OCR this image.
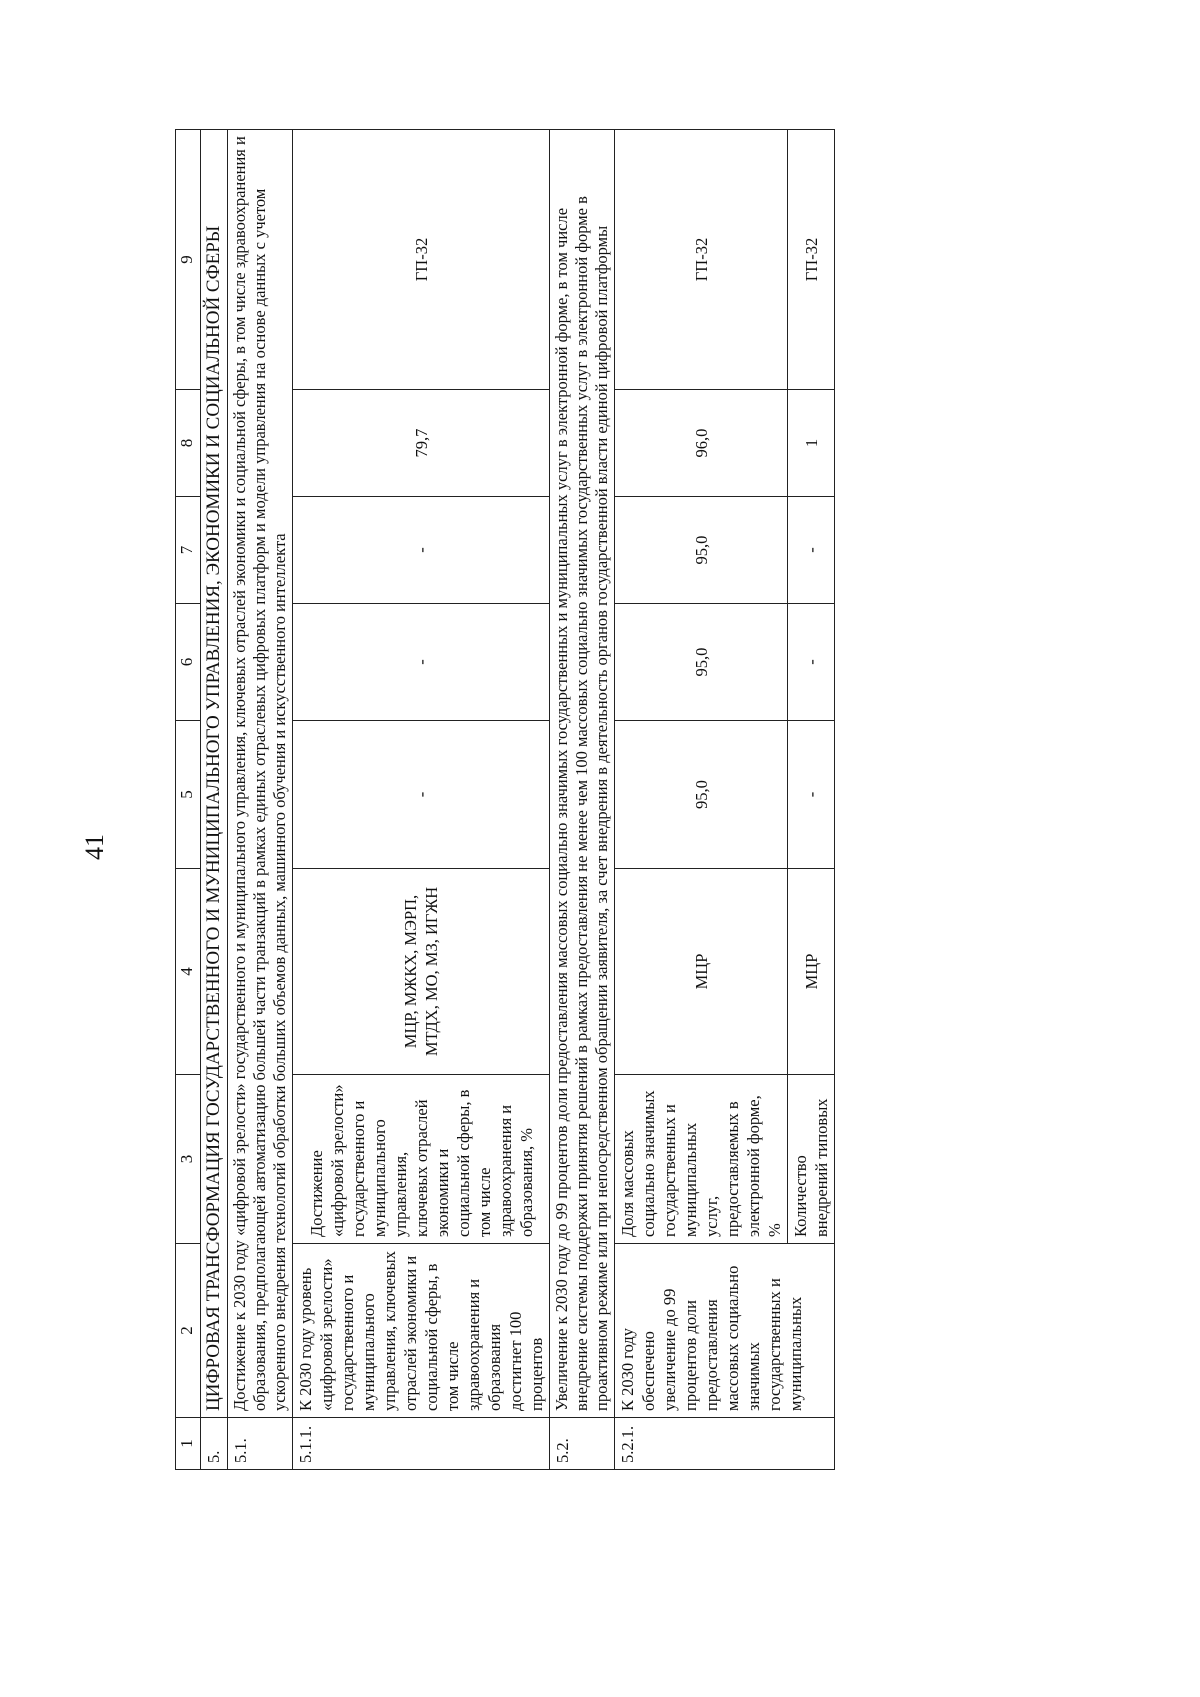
41
1	2	3	4	5	6	7	8	9
5.	ЦИФРОВАЯ ТРАНСФОРМАЦИЯ ГОСУДАРСТВЕННОГО И МУНИЦИПАЛЬНОГО УПРАВЛЕНИЯ, ЭКОНОМИКИ И СОЦИАЛЬНОЙ СФЕРЫ							
5.1.	Достижение к 2030 году «цифровой зрелости» государственного и муниципального управления, ключевых отраслей экономики и социальной сферы, в том числе здравоохранения и образования, предполагающей автоматизацию большей части транзакций в рамках единых отраслевых цифровых платформ и модели управления на основе данных с учетом ускоренного внедрения технологий обработки больших объемов данных, машинного обучения и искусственного интеллекта							
5.1.1.	К 2030 году уровень «цифровой зрелости» государственного и муниципального управления, ключевых отраслей экономики и социальной сферы, в том числе здравоохранения и образования достигнет 100 процентов	Достижение «цифровой зрелости» государственного и муниципального управления, ключевых отраслей экономики и социальной сферы, в том числе здравоохранения и образования, %	МЦР, МЖКХ, МЭРП, МТДХ, МО, МЗ, ИГЖН	-	-	-	79,7	ГП-32
5.2.	Увеличение к 2030 году до 99 процентов доли предоставления массовых социально значимых государственных и муниципальных услуг в электронной форме, в том числе внедрение системы поддержки принятия решений в рамках предоставления не менее чем 100 массовых социально значимых государственных услуг в электронной форме в проактивном режиме или при непосредственном обращении заявителя, за счет внедрения в деятельность органов государственной власти единой цифровой платформы							
5.2.1.	К 2030 году обеспечено увеличение до 99 процентов доли предоставления массовых социально значимых государственных и муниципальных	Доля массовых социально значимых государственных и муниципальных услуг, предоставляемых в электронной форме, %	МЦР	95,0	95,0	95,0	96,0	ГП-32
		Количество внедрений типовых	МЦР	-	-	-	1	ГП-32
